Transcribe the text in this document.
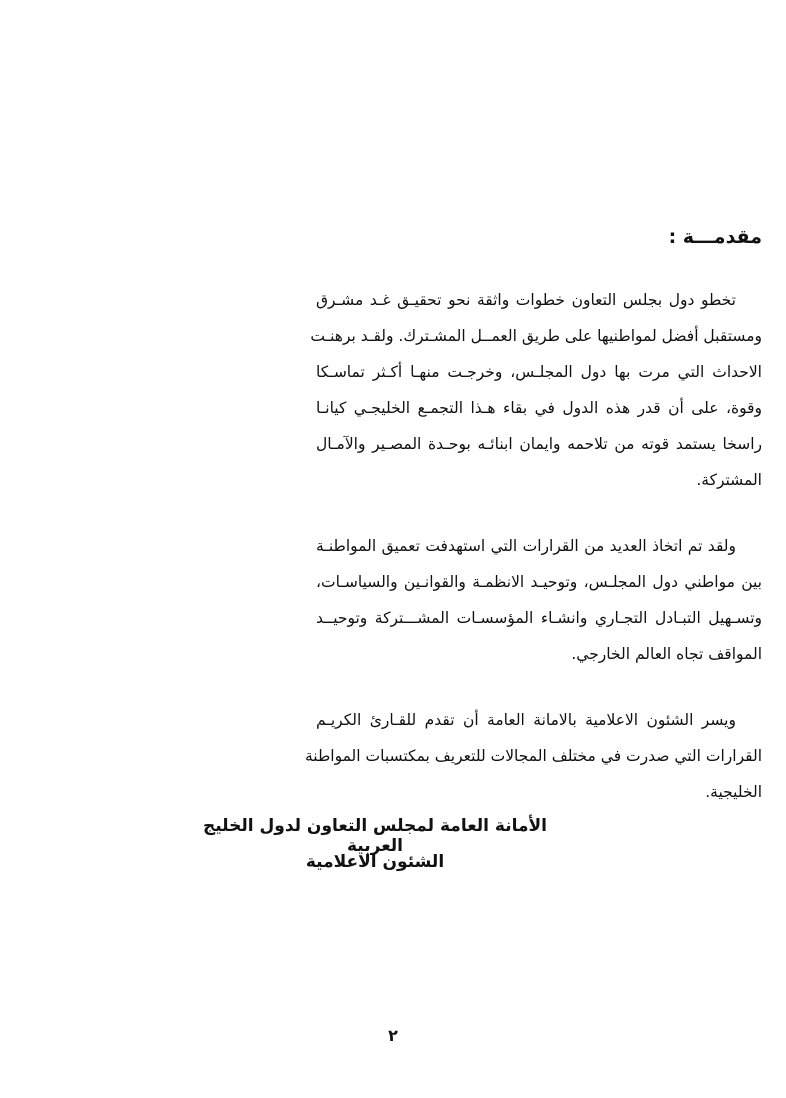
مقدمـــة :
تخطو دول بجلس التعاون خطوات واثقة نحو تحقيـق غـد مشـرق
ومستقبل أفضل لمواطنيها على طريق العمــل المشـترك. ولقـد برهنـت
الاحداث التي مرت بها دول المجلـس، وخرجـت منهـا أكـثر تماسـكا
وقوة، على أن قدر هذه الدول في بقاء هـذا التجمـع الخليجـي كيانـا
راسخا يستمد قوته من تلاحمه وايمان ابنائـه بوحـدة المصـير والآمـال
المشتركة.
ولقد تم اتخاذ العديد من القرارات التي استهدفت تعميق المواطنـة
بين مواطني دول المجلـس، وتوحيـد الانظمـة والقوانـين والسياسـات،
وتسـهيل التبـادل التجـاري وانشـاء المؤسسـات المشـــتركة وتوحيــد
المواقف تجاه العالم الخارجي.
ويسر الشئون الاعلامية بالامانة العامة أن تقدم للقـارئ الكريـم
القرارات التي صدرت في مختلف المجالات للتعريف بمكتسبات المواطنة
الخليجية.
الأمانة العامة لمجلس التعاون لدول الخليج العربية
الشئون الاعلامية
٢
